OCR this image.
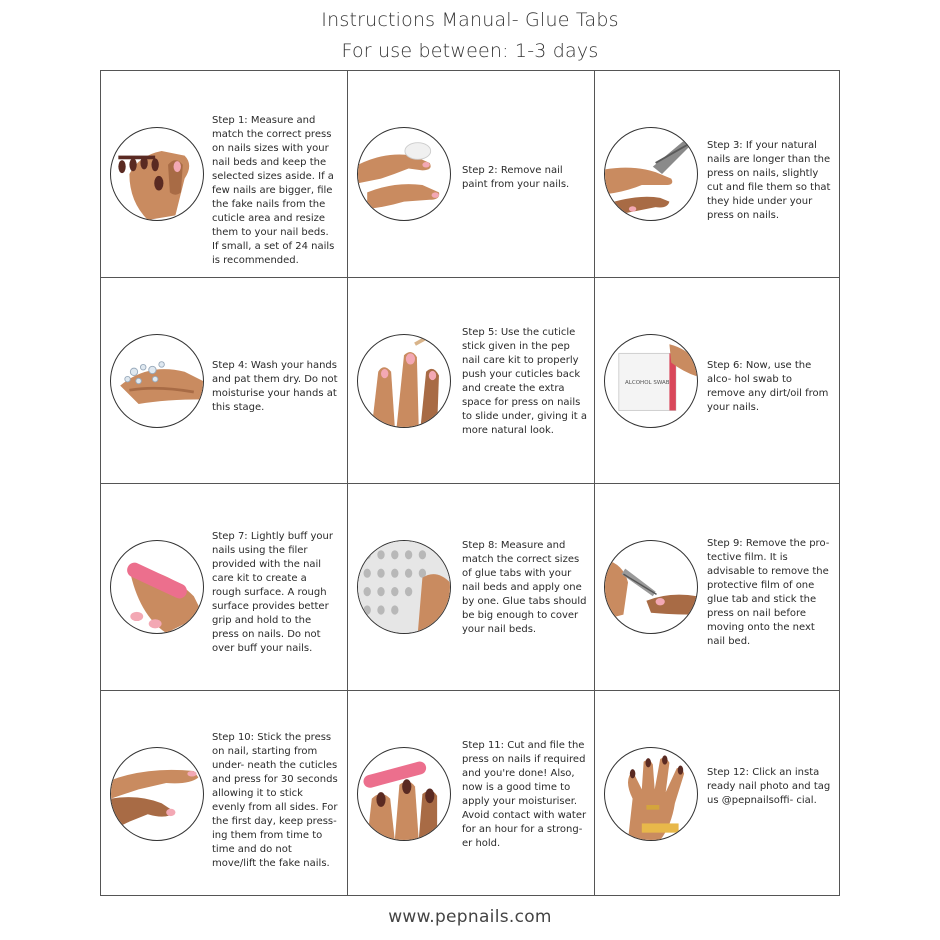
Instructions Manual- Glue Tabs
For use between: 1-3 days
Step 1: Measure and match the correct press on nails sizes with your nail beds and keep the selected sizes aside. If a few nails are bigger, file the fake nails from the cuticle area and resize them to your nail beds. If small, a set of 24 nails is recommended.
Step 2: Remove nail paint from your nails.
Step 3: If your natural nails are longer than the press on nails, slightly cut and file them so that they hide under your press on nails.
Step 4: Wash your hands and pat them dry. Do not moisturise your hands at this stage.
Step 5: Use the cuticle stick given in the pep nail care kit to properly push your cuticles back and create the extra space for press on nails to slide under, giving it a more natural look.
ALCOHOL SWAB
Step 6: Now, use the alco- hol swab to remove any dirt/oil from your nails.
Step 7: Lightly buff your nails using the filer provided with the nail care kit to create a rough surface. A rough surface provides better grip and hold to the press on nails. Do not over buff your nails.
Step 8: Measure and match the correct sizes of glue tabs with your nail beds and apply one by one. Glue tabs should be big enough to cover your nail beds.
Step 9: Remove the pro- tective film. It is advisable to remove the protective film of one glue tab and stick the press on nail before moving onto the next nail bed.
Step 10: Stick the press on nail, starting from under- neath the cuticles and press for 30 seconds allowing it to stick evenly from all sides. For the first day, keep press- ing them from time to time and do not move/lift the fake nails.
Step 11: Cut and file the press on nails if required and you're done! Also, now is a good time to apply your moisturiser. Avoid contact with water for an hour for a strong- er hold.
Step 12: Click an insta ready nail photo and tag us @pepnailsoffi- cial.
www.pepnails.com
